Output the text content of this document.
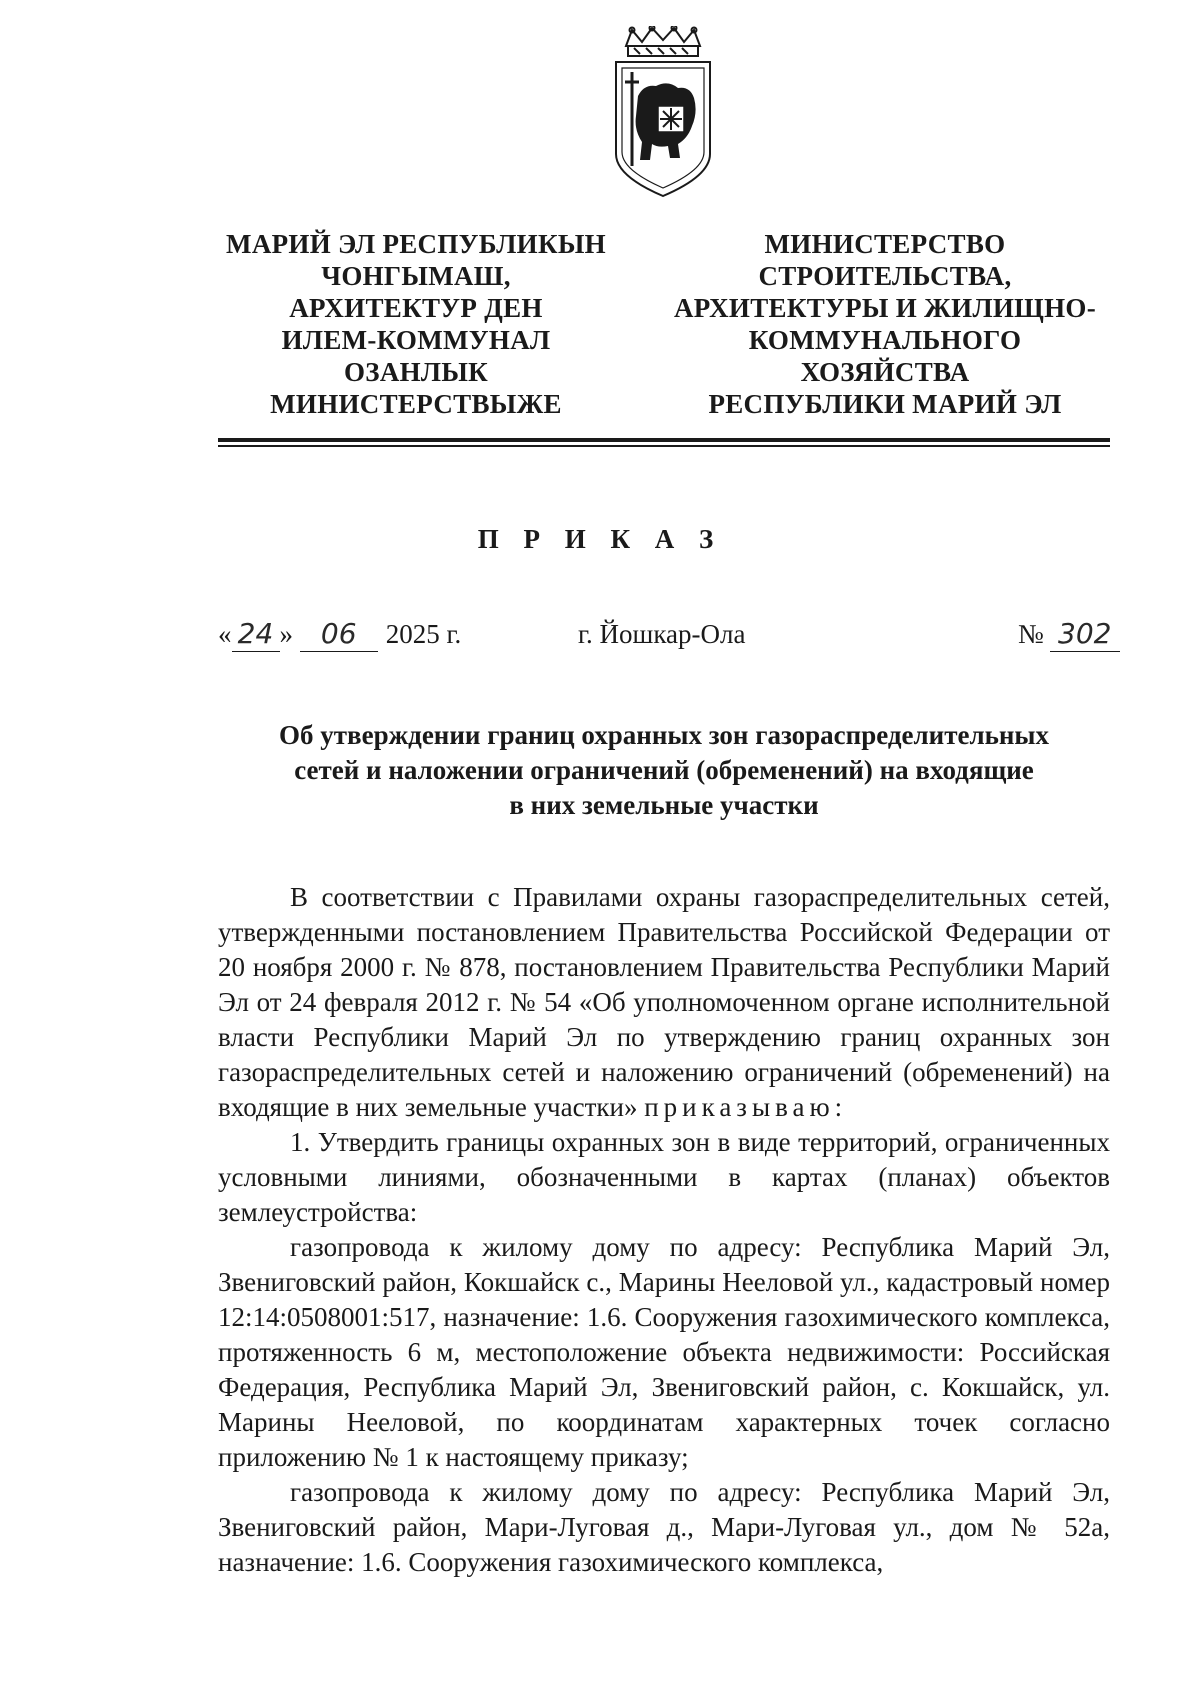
МАРИЙ ЭЛ РЕСПУБЛИКЫН
ЧОНГЫМАШ,
АРХИТЕКТУР ДЕН
ИЛЕМ-КОММУНАЛ
ОЗАНЛЫК
МИНИСТЕРСТВЫЖЕ
МИНИСТЕРСТВО
СТРОИТЕЛЬСТВА,
АРХИТЕКТУРЫ И ЖИЛИЩНО-
КОММУНАЛЬНОГО
ХОЗЯЙСТВА
РЕСПУБЛИКИ МАРИЙ ЭЛ
П Р И К А З
« 24 » 06 2025 г.	г. Йошкар-Ола	№ 302
Об утверждении границ охранных зон газораспределительных
сетей и наложении ограничений (обременений) на входящие
в них земельные участки

В соответствии с Правилами охраны газораспределительных сетей, утвержденными постановлением Правительства Российской Федерации от 20 ноября 2000 г. № 878, постановлением Правительства Республики Марий Эл от 24 февраля 2012 г. № 54 «Об уполномоченном органе исполнительной власти Республики Марий Эл по утверждению границ охранных зон газораспределительных сетей и наложению ограничений (обременений) на входящие в них земельные участки» приказываю:

1. Утвердить границы охранных зон в виде территорий, ограниченных условными линиями, обозначенными в картах (планах) объектов землеустройства:

газопровода к жилому дому по адресу: Республика Марий Эл, Звениговский район, Кокшайск с., Марины Нееловой ул., кадастровый номер 12:14:0508001:517, назначение: 1.6. Сооружения газохимического комплекса, протяженность 6 м, местоположение объекта недвижимости: Российская Федерация, Республика Марий Эл, Звениговский район, с. Кокшайск, ул. Марины Нееловой, по координатам характерных точек согласно приложению № 1 к настоящему приказу;

газопровода к жилому дому по адресу: Республика Марий Эл, Звениговский район, Мари-Луговая д., Мари-Луговая ул., дом № 52а, назначение: 1.6. Сооружения газохимического комплекса,
